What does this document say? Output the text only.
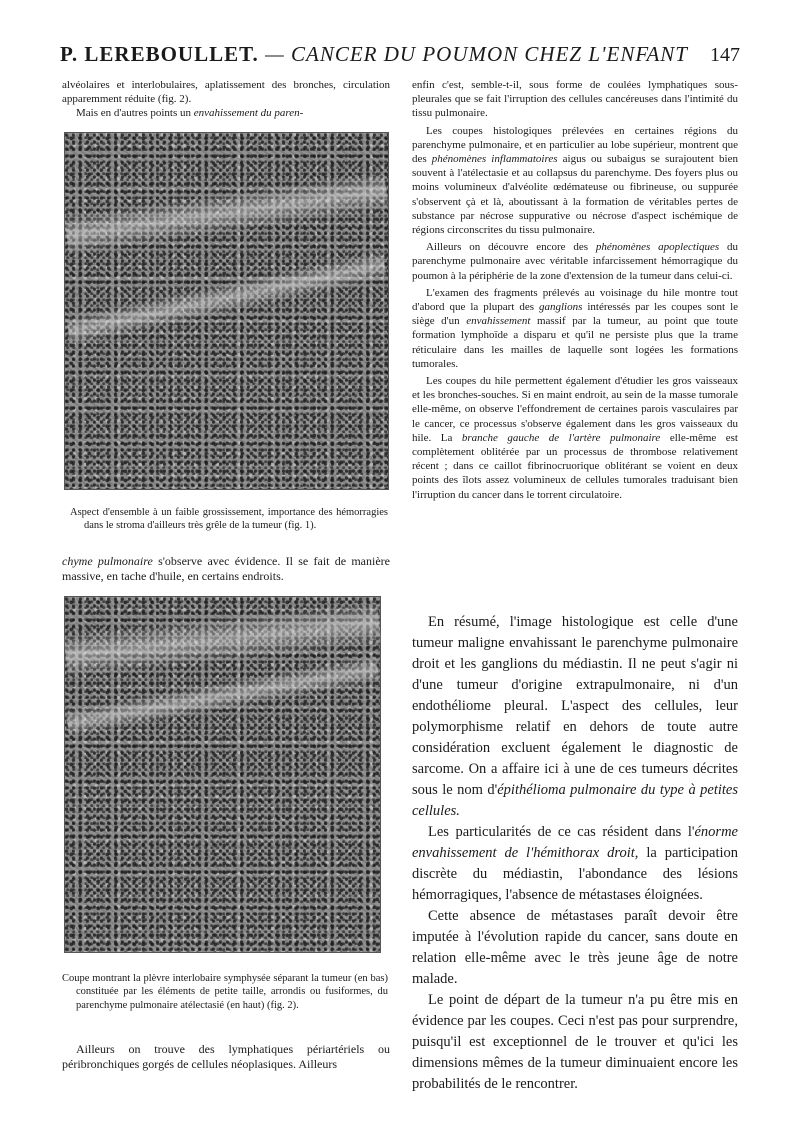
P. LEREBOULLET. — CANCER DU POUMON CHEZ L'ENFANT 147

alvéolaires et interlobulaires, aplatissement des bronches, circulation apparemment réduite (fig. 2).

Mais en d'autres points un envahissement du paren-

Aspect d'ensemble à un faible grossissement, importance des hémorragies dans le stroma d'ailleurs très grêle de la tumeur (fig. 1).

chyme pulmonaire s'observe avec évidence. Il se fait de manière massive, en tache d'huile, en certains endroits.

Coupe montrant la plèvre interlobaire symphysée séparant la tumeur (en bas) constituée par les éléments de petite taille, arrondis ou fusiformes, du parenchyme pulmonaire atélectasié (en haut) (fig. 2).

Ailleurs on trouve des lymphatiques périartériels ou péribronchiques gorgés de cellules néoplasiques. Ailleurs

enfin c'est, semble-t-il, sous forme de coulées lymphatiques sous-pleurales que se fait l'irruption des cellules cancéreuses dans l'intimité du tissu pulmonaire.

Les coupes histologiques prélevées en certaines régions du parenchyme pulmonaire, et en particulier au lobe supérieur, montrent que des phénomènes inflammatoires aigus ou subaigus se surajoutent bien souvent à l'atélectasie et au collapsus du parenchyme. Des foyers plus ou moins volumineux d'alvéolite œdémateuse ou fibrineuse, ou suppurée s'observent çà et là, aboutissant à la formation de véritables pertes de substance par nécrose suppurative ou nécrose d'aspect ischémique de régions circonscrites du tissu pulmonaire.

Ailleurs on découvre encore des phénomènes apoplectiques du parenchyme pulmonaire avec véritable infarcissement hémorragique du poumon à la périphérie de la zone d'extension de la tumeur dans celui-ci.

L'examen des fragments prélevés au voisinage du hile montre tout d'abord que la plupart des ganglions intéressés par les coupes sont le siège d'un envahissement massif par la tumeur, au point que toute formation lymphoïde a disparu et qu'il ne persiste plus que la trame réticulaire dans les mailles de laquelle sont logées les formations tumorales.

Les coupes du hile permettent également d'étudier les gros vaisseaux et les bronches-souches. Si en maint endroit, au sein de la masse tumorale elle-même, on observe l'effondrement de certaines parois vasculaires par le cancer, ce processus s'observe également dans les gros vaisseaux du hile. La branche gauche de l'artère pulmonaire elle-même est complètement oblitérée par un processus de thrombose relativement récent ; dans ce caillot fibrinocruorique oblitérant se voient en deux points des îlots assez volumineux de cellules tumorales traduisant bien l'irruption du cancer dans le torrent circulatoire.

En résumé, l'image histologique est celle d'une tumeur maligne envahissant le parenchyme pulmonaire droit et les ganglions du médiastin. Il ne peut s'agir ni d'une tumeur d'origine extrapulmonaire, ni d'un endothéliome pleural. L'aspect des cellules, leur polymorphisme relatif en dehors de toute autre considération excluent également le diagnostic de sarcome. On a affaire ici à une de ces tumeurs décrites sous le nom d'épithélioma pulmonaire du type à petites cellules.

Les particularités de ce cas résident dans l'énorme envahissement de l'hémithorax droit, la participation discrète du médiastin, l'abondance des lésions hémorragiques, l'absence de métastases éloignées.

Cette absence de métastases paraît devoir être imputée à l'évolution rapide du cancer, sans doute en relation elle-même avec le très jeune âge de notre malade.

Le point de départ de la tumeur n'a pu être mis en évidence par les coupes. Ceci n'est pas pour surprendre, puisqu'il est exceptionnel de le trouver et qu'ici les dimensions mêmes de la tumeur diminuaient encore les probabilités de le rencontrer.
